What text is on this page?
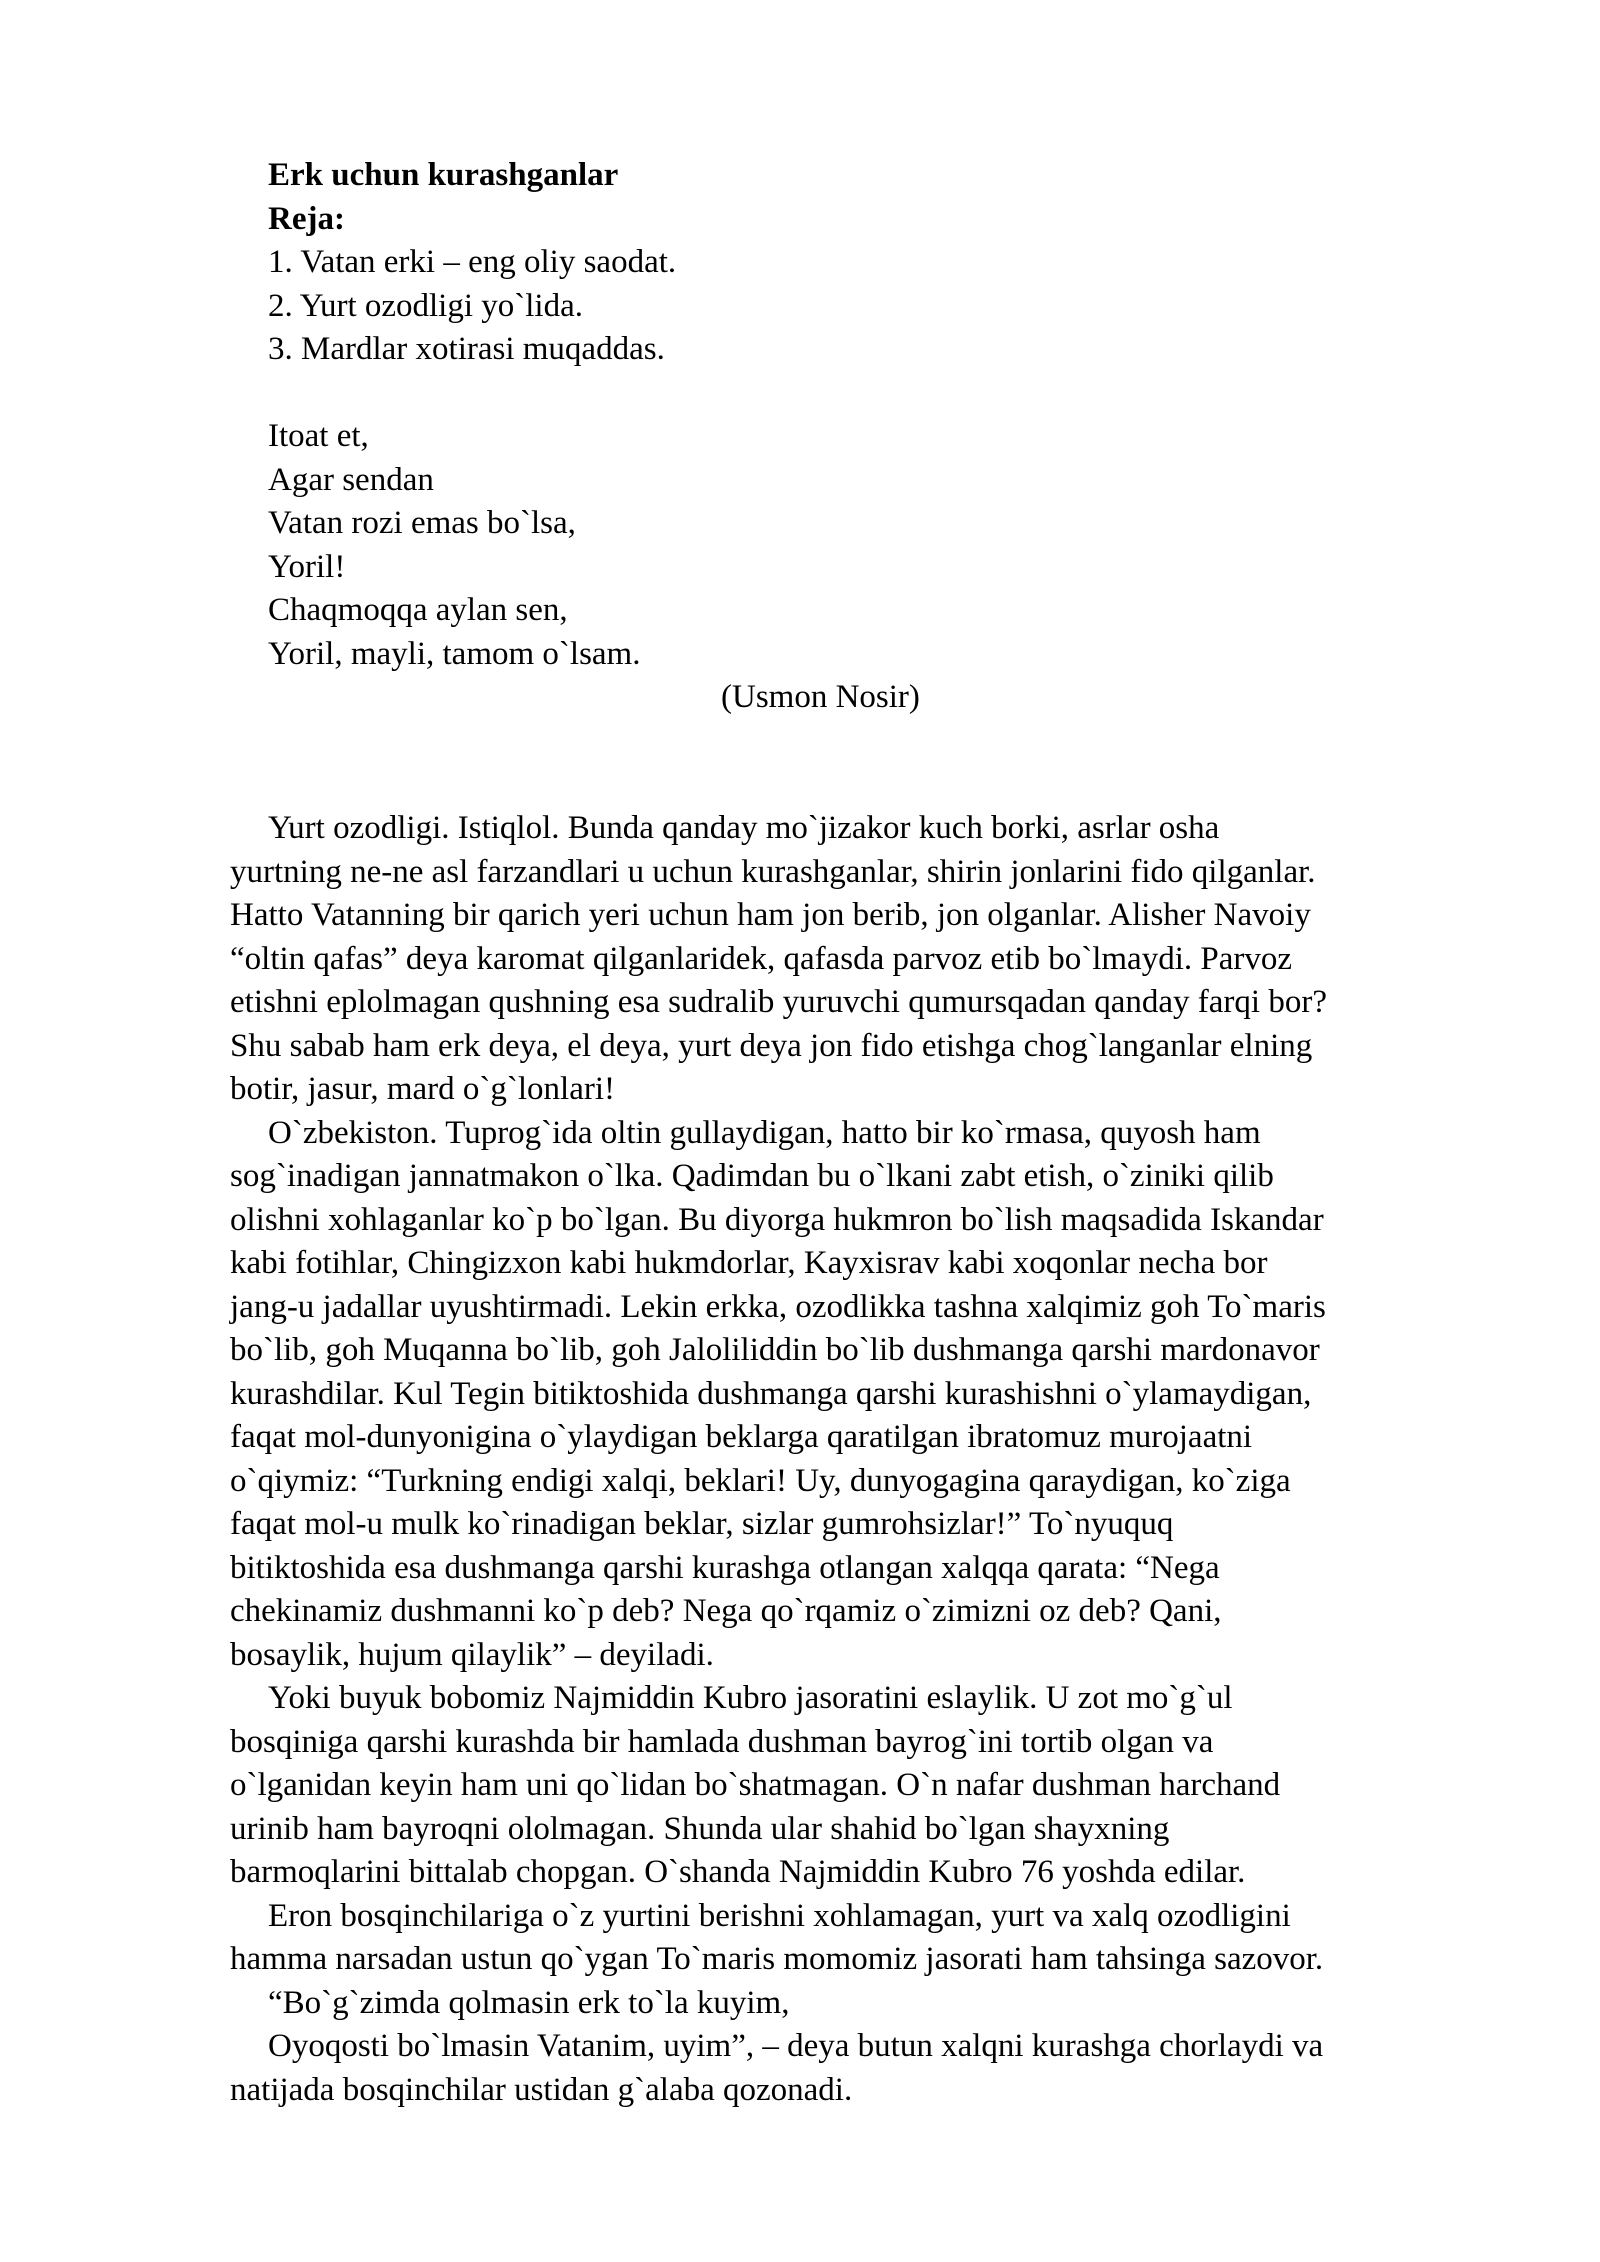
Erk uchun kurashganlar
Reja:
1. Vatan erki – eng oliy saodat.
2. Yurt ozodligi yo`lida.
3. Mardlar xotirasi muqaddas.
Itoat et,
Agar sendan
Vatan rozi emas bo`lsa,
Yoril!
Chaqmoqqa aylan sen,
Yoril, mayli, tamom o`lsam.
(Usmon Nosir)

Yurt ozodligi. Istiqlol. Bunda qanday mo`jizakor kuch borki, asrlar osha
yurtning ne-ne asl farzandlari u uchun kurashganlar, shirin jonlarini fido qilganlar.
Hatto Vatanning bir qarich yeri uchun ham jon berib, jon olganlar. Alisher Navoiy
“oltin qafas” deya karomat qilganlaridek, qafasda parvoz etib bo`lmaydi. Parvoz
etishni eplolmagan qushning esa sudralib yuruvchi qumursqadan qanday farqi bor?
Shu sabab ham erk deya, el deya, yurt deya jon fido etishga chog`langanlar elning
botir, jasur, mard o`g`lonlari!

O`zbekiston. Tuprog`ida oltin gullaydigan, hatto bir ko`rmasa, quyosh ham
sog`inadigan jannatmakon o`lka. Qadimdan bu o`lkani zabt etish, o`ziniki qilib
olishni xohlaganlar ko`p bo`lgan. Bu diyorga hukmron bo`lish maqsadida Iskandar
kabi fotihlar, Chingizxon kabi hukmdorlar, Kayxisrav kabi xoqonlar necha bor
jang-u jadallar uyushtirmadi. Lekin erkka, ozodlikka tashna xalqimiz goh To`maris
bo`lib, goh Muqanna bo`lib, goh Jaloliliddin bo`lib dushmanga qarshi mardonavor
kurashdilar. Kul Tegin bitiktoshida dushmanga qarshi kurashishni o`ylamaydigan,
faqat mol-dunyonigina o`ylaydigan beklarga qaratilgan ibratomuz murojaatni
o`qiymiz: “Turkning endigi xalqi, beklari! Uy, dunyogagina qaraydigan, ko`ziga
faqat mol-u mulk ko`rinadigan beklar, sizlar gumrohsizlar!” To`nyuquq
bitiktoshida esa dushmanga qarshi kurashga otlangan xalqqa qarata: “Nega
chekinamiz dushmanni ko`p deb? Nega qo`rqamiz o`zimizni oz deb? Qani,
bosaylik, hujum qilaylik” – deyiladi.

Yoki buyuk bobomiz Najmiddin Kubro jasoratini eslaylik. U zot mo`g`ul
bosqiniga qarshi kurashda bir hamlada dushman bayrog`ini tortib olgan va
o`lganidan keyin ham uni qo`lidan bo`shatmagan. O`n nafar dushman harchand
urinib ham bayroqni ololmagan. Shunda ular shahid bo`lgan shayxning
barmoqlarini bittalab chopgan. O`shanda Najmiddin Kubro 76 yoshda edilar.

Eron bosqinchilariga o`z yurtini berishni xohlamagan, yurt va xalq ozodligini
hamma narsadan ustun qo`ygan To`maris momomiz jasorati ham tahsinga sazovor.

“Bo`g`zimda qolmasin erk to`la kuyim,

Oyoqosti bo`lmasin Vatanim, uyim”, – deya butun xalqni kurashga chorlaydi va
natijada bosqinchilar ustidan g`alaba qozonadi.
